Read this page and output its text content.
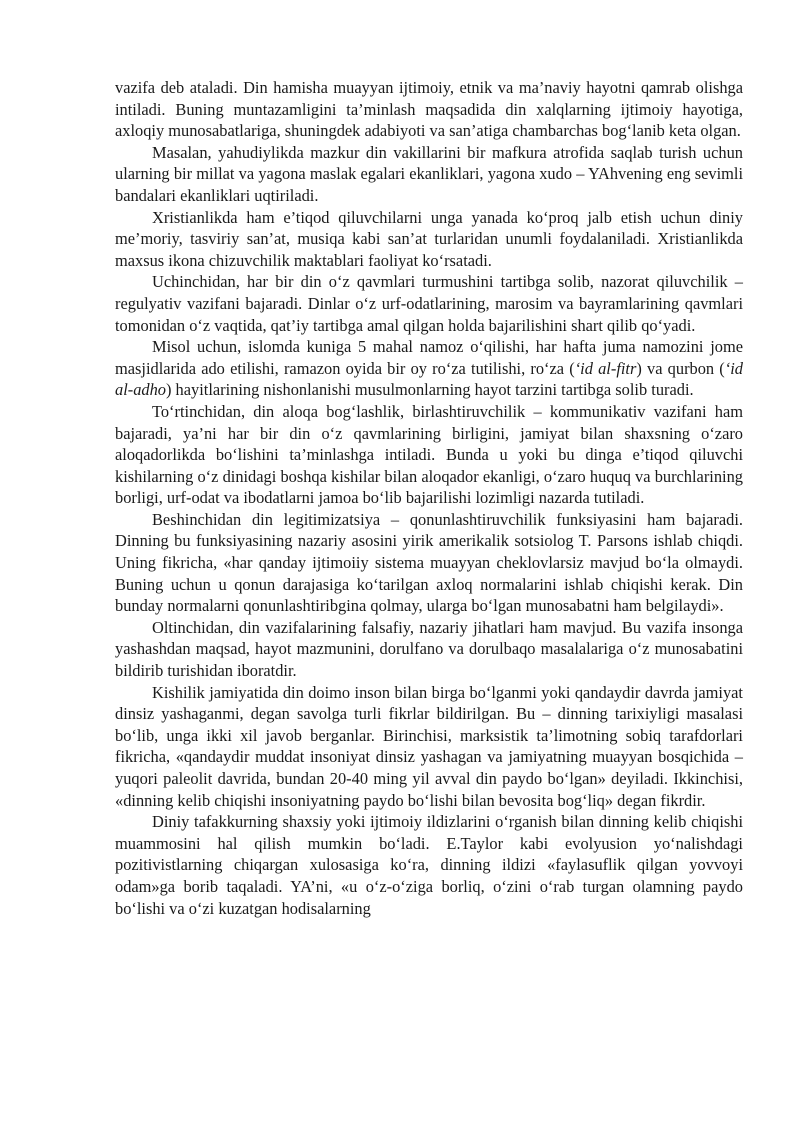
vazifa deb ataladi. Din hamisha muayyan ijtimoiy, etnik va ma’naviy hayotni qamrab olishga intiladi. Buning muntazamligini ta’minlash maqsadida din xalqlarning ijtimoiy hayotiga, axloqiy munosabatlariga, shuningdek adabiyoti va san’atiga chambarchas bog‘lanib keta olgan.

Masalan, yahudiylikda mazkur din vakillarini bir mafkura atrofida saqlab turish uchun ularning bir millat va yagona maslak egalari ekanliklari, yagona xudo – YAhvening eng sevimli bandalari ekanliklari uqtiriladi.

Xristianlikda ham e’tiqod qiluvchilarni unga yanada ko‘proq jalb etish uchun diniy me’moriy, tasviriy san’at, musiqa kabi san’at turlaridan unumli foydalaniladi. Xristianlikda maxsus ikona chizuvchilik maktablari faoliyat ko‘rsatadi.

Uchinchidan, har bir din o‘z qavmlari turmushini tartibga solib, nazorat qiluvchilik – regulyativ vazifani bajaradi. Dinlar o‘z urf-odatlarining, marosim va bayramlarining qavmlari tomonidan o‘z vaqtida, qat’iy tartibga amal qilgan holda bajarilishini shart qilib qo‘yadi.

Misol uchun, islomda kuniga 5 mahal namoz o‘qilishi, har hafta juma namozini jome masjidlarida ado etilishi, ramazon oyida bir oy ro‘za tutilishi, ro‘za (‘id al-fitr) va qurbon (‘id al-adho) hayitlarining nishonlanishi musulmonlarning hayot tarzini tartibga solib turadi.

To‘rtinchidan, din aloqa bog‘lashlik, birlashtiruvchilik – kommunikativ vazifani ham bajaradi, ya’ni har bir din o‘z qavmlarining birligini, jamiyat bilan shaxsning o‘zaro aloqadorlikda bo‘lishini ta’minlashga intiladi. Bunda u yoki bu dinga e’tiqod qiluvchi kishilarning o‘z dinidagi boshqa kishilar bilan aloqador ekanligi, o‘zaro huquq va burchlarining borligi, urf-odat va ibodatlarni jamoa bo‘lib bajarilishi lozimligi nazarda tutiladi.

Beshinchidan din legitimizatsiya – qonunlashtiruvchilik funksiyasini ham bajaradi. Dinning bu funksiyasining nazariy asosini yirik amerikalik sotsiolog T. Parsons ishlab chiqdi. Uning fikricha, «har qanday ijtimoiiy sistema muayyan cheklovlarsiz mavjud bo‘la olmaydi. Buning uchun u qonun darajasiga ko‘tarilgan axloq normalarini ishlab chiqishi kerak. Din bunday normalarni qonunlashtiribgina qolmay, ularga bo‘lgan munosabatni ham belgilaydi».

Oltinchidan, din vazifalarining falsafiy, nazariy jihatlari ham mavjud. Bu vazifa insonga yashashdan maqsad, hayot mazmunini, dorulfano va dorulbaqo masalalariga o‘z munosabatini bildirib turishidan iboratdir.

Kishilik jamiyatida din doimo inson bilan birga bo‘lganmi yoki qandaydir davrda jamiyat dinsiz yashaganmi, degan savolga turli fikrlar bildirilgan. Bu – dinning tarixiyligi masalasi bo‘lib, unga ikki xil javob berganlar. Birinchisi, marksistik ta’limotning sobiq tarafdorlari fikricha, «qandaydir muddat insoniyat dinsiz yashagan va jamiyatning muayyan bosqichida – yuqori paleolit davrida, bundan 20-40 ming yil avval din paydo bo‘lgan» deyiladi. Ikkinchisi, «dinning kelib chiqishi insoniyatning paydo bo‘lishi bilan bevosita bog‘liq» degan fikrdir.

Diniy tafakkurning shaxsiy yoki ijtimoiy ildizlarini o‘rganish bilan dinning kelib chiqishi muammosini hal qilish mumkin bo‘ladi. E.Taylor kabi evolyusion yo‘nalishdagi pozitivistlarning chiqargan xulosasiga ko‘ra, dinning ildizi «faylasuflik qilgan yovvoyi odam»ga borib taqaladi. YA’ni, «u o‘z-o‘ziga borliq, o‘zini o‘rab turgan olamning paydo bo‘lishi va o‘zi kuzatgan hodisalarning
